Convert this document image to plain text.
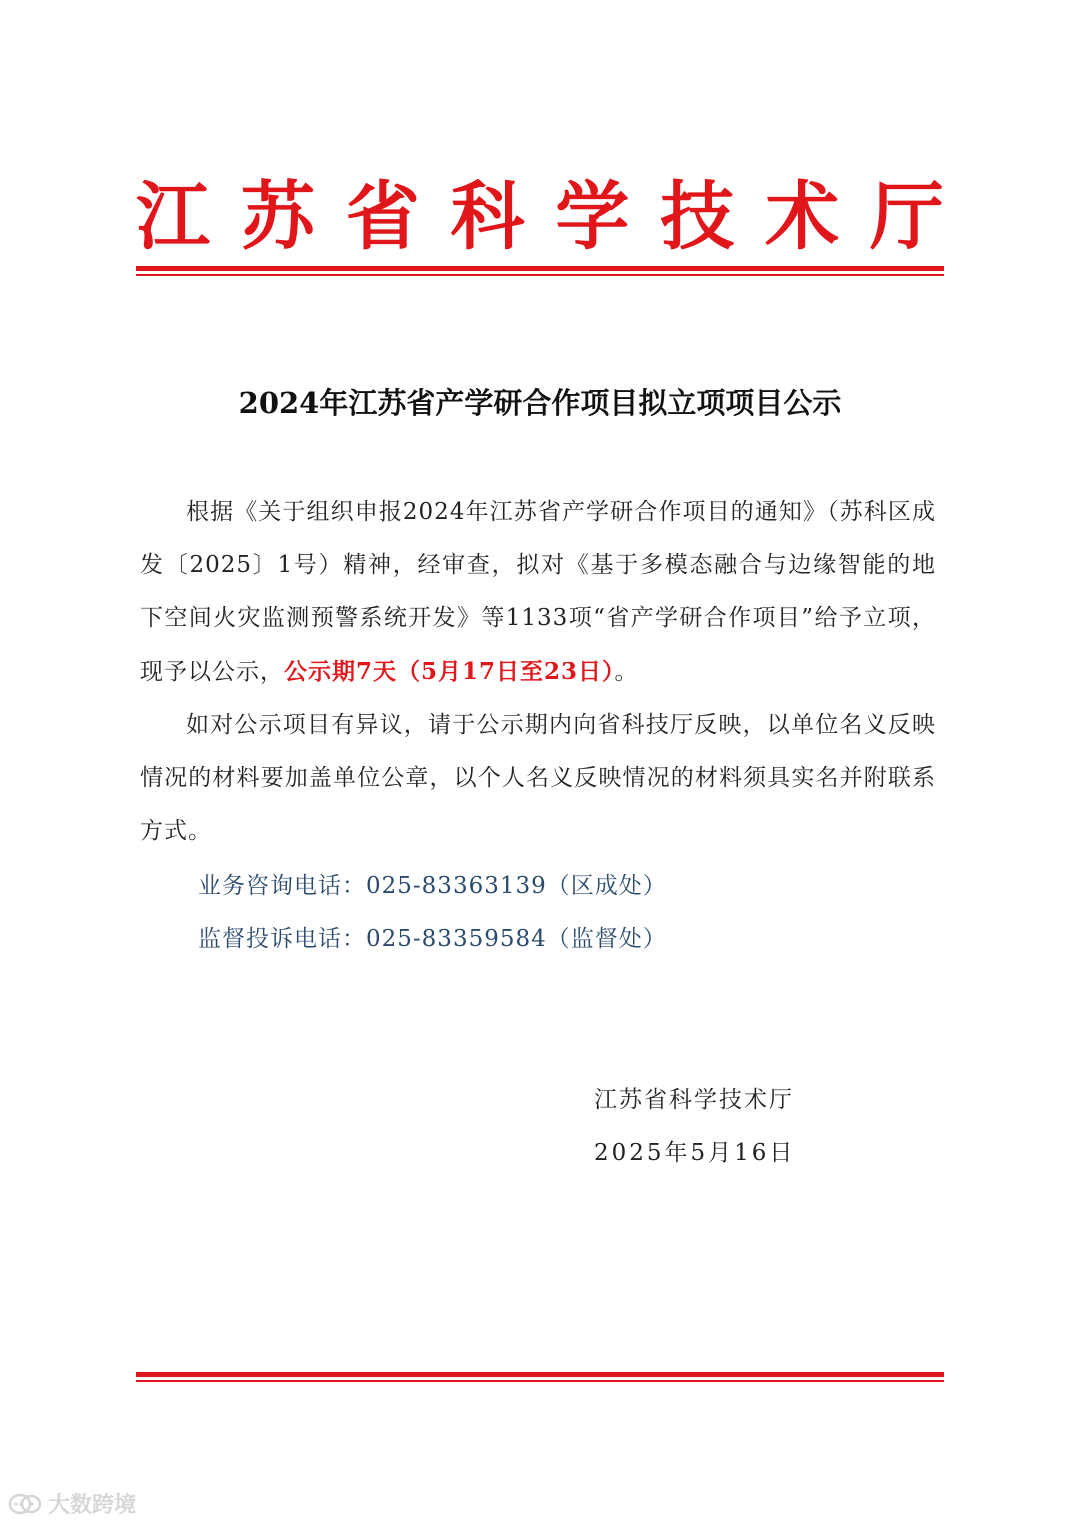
江 苏 省 科 学 技 术 厅
2024年江苏省产学研合作项目拟立项项目公示

根据《关于组织申报2024年江苏省产学研合作项目的通知》（苏科区成发〔2025〕1号）精神，经审查，拟对《基于多模态融合与边缘智能的地下空间火灾监测预警系统开发》等1133项“省产学研合作项目”给予立项，现予以公示，公示期7天（5月17日至23日）。

如对公示项目有异议，请于公示期内向省科技厅反映，以单位名义反映情况的材料要加盖单位公章，以个人名义反映情况的材料须具实名并附联系方式。

业务咨询电话：025-83363139（区成处）
监督投诉电话：025-83359584（监督处）
江苏省科学技术厅
2025年5月16日
大数跨境
